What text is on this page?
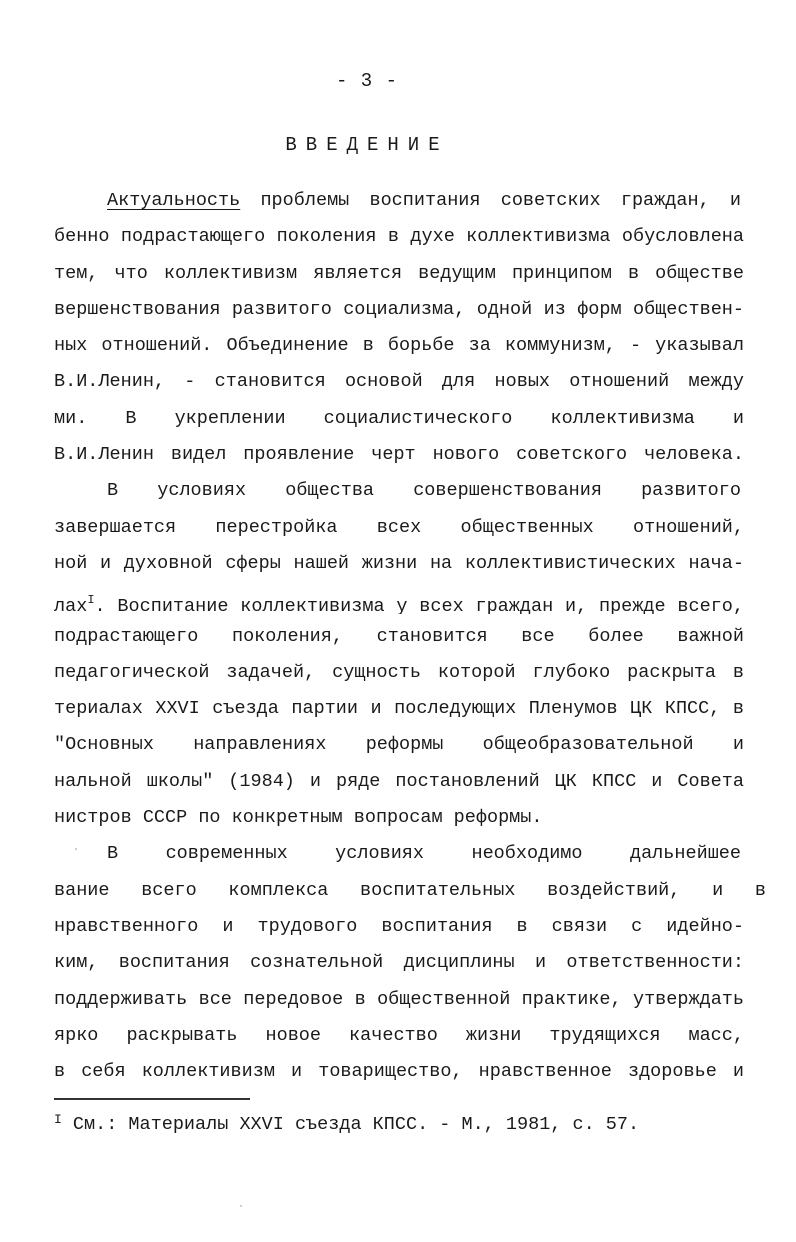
- 3 -
ВВЕДЕНИЕ

Актуальность проблемы воспитания советских граждан, и

бенно подрастающего поколения в духе коллективизма обусловлена

тем, что коллективизм является ведущим принципом в обществе

вершенствования развитого социализма, одной из форм обществен-

ных отношений. Объединение в борьбе за коммунизм, - указывал

В.И.Ленин, - становится основой для новых отношений между

ми. В укреплении социалистического коллективизма и

В.И.Ленин видел проявление черт нового советского человека.

В условиях общества совершенствования развитого

завершается перестройка всех общественных отношений,

ной и духовной сферы нашей жизни на коллективистических нача-

лах$^I$. Воспитание коллективизма у всех граждан и, прежде всего,

подрастающего поколения, становится все более важной

педагогической задачей, сущность которой глубоко раскрыта в

териалах XXVI съезда партии и последующих Пленумов ЦК КПСС, в

"Основных направлениях реформы общеобразовательной и

нальной школы" (1984) и ряде постановлений ЦК КПСС и Совета

нистров СССР по конкретным вопросам реформы.

В современных условиях необходимо дальнейшее

вание всего комплекса воспитательных воздействий, и в

нравственного и трудового воспитания в связи с идейно-

ким, воспитания сознательной дисциплины и ответственности:

поддерживать все передовое в общественной практике, утверждать

ярко раскрывать новое качество жизни трудящихся масс,

в себя коллективизм и товарищество, нравственное здоровье и

$^I$ См.: Материалы XXVI съезда КПСС. - М., 1981, с. 57.
